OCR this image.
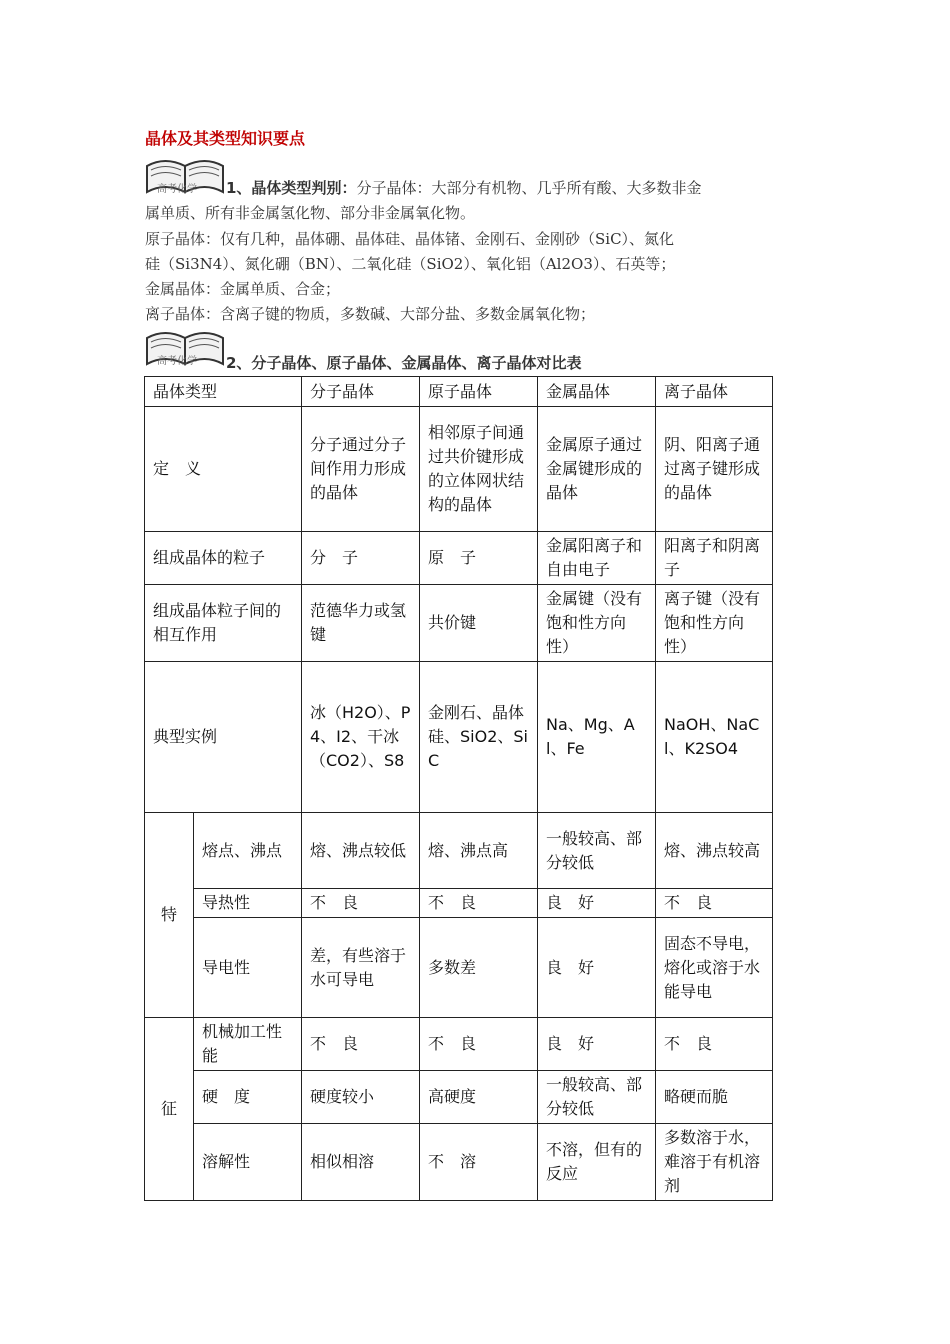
晶体及其类型知识要点
高考化学 1、晶体类型判别：分子晶体：大部分有机物、几乎所有酸、大多数非金
属单质、所有非金属氢化物、部分非金属氧化物。
原子晶体：仅有几种，晶体硼、晶体硅、晶体锗、金刚石、金刚砂（SiC）、氮化
硅（Si3N4）、氮化硼（BN）、二氧化硅（SiO2）、氧化铝（Al2O3）、石英等；
金属晶体：金属单质、合金；
离子晶体：含离子键的物质，多数碱、大部分盐、多数金属氧化物；
高考化学 2、分子晶体、原子晶体、金属晶体、离子晶体对比表
晶体类型		分子晶体	原子晶体	金属晶体	离子晶体
定　义		分子通过分子间作用力形成的晶体	相邻原子间通过共价键形成的立体网状结构的晶体	金属原子通过金属键形成的晶体	阴、阳离子通过离子键形成的晶体
组成晶体的粒子		分　子	原　子	金属阳离子和自由电子	阳离子和阴离子
组成晶体粒子间的相互作用		范德华力或氢键	共价键	金属键（没有饱和性方向性）	离子键（没有饱和性方向性）
典型实例		冰（H2O）、P4、I2、干冰（CO2）、S8	金刚石、晶体硅、SiO2、SiC	Na、Mg、Al、Fe	NaOH、NaCl、K2SO4
特	熔点、沸点	熔、沸点较低	熔、沸点高	一般较高、部分较低	熔、沸点较高
	导热性	不　良	不　良	良　好	不　良
	导电性	差，有些溶于水可导电	多数差	良　好	固态不导电，熔化或溶于水能导电
征	机械加工性能	不　良	不　良	良　好	不　良
	硬　度	硬度较小	高硬度	一般较高、部分较低	略硬而脆
	溶解性	相似相溶	不　溶	不溶，但有的反应	多数溶于水，难溶于有机溶剂
